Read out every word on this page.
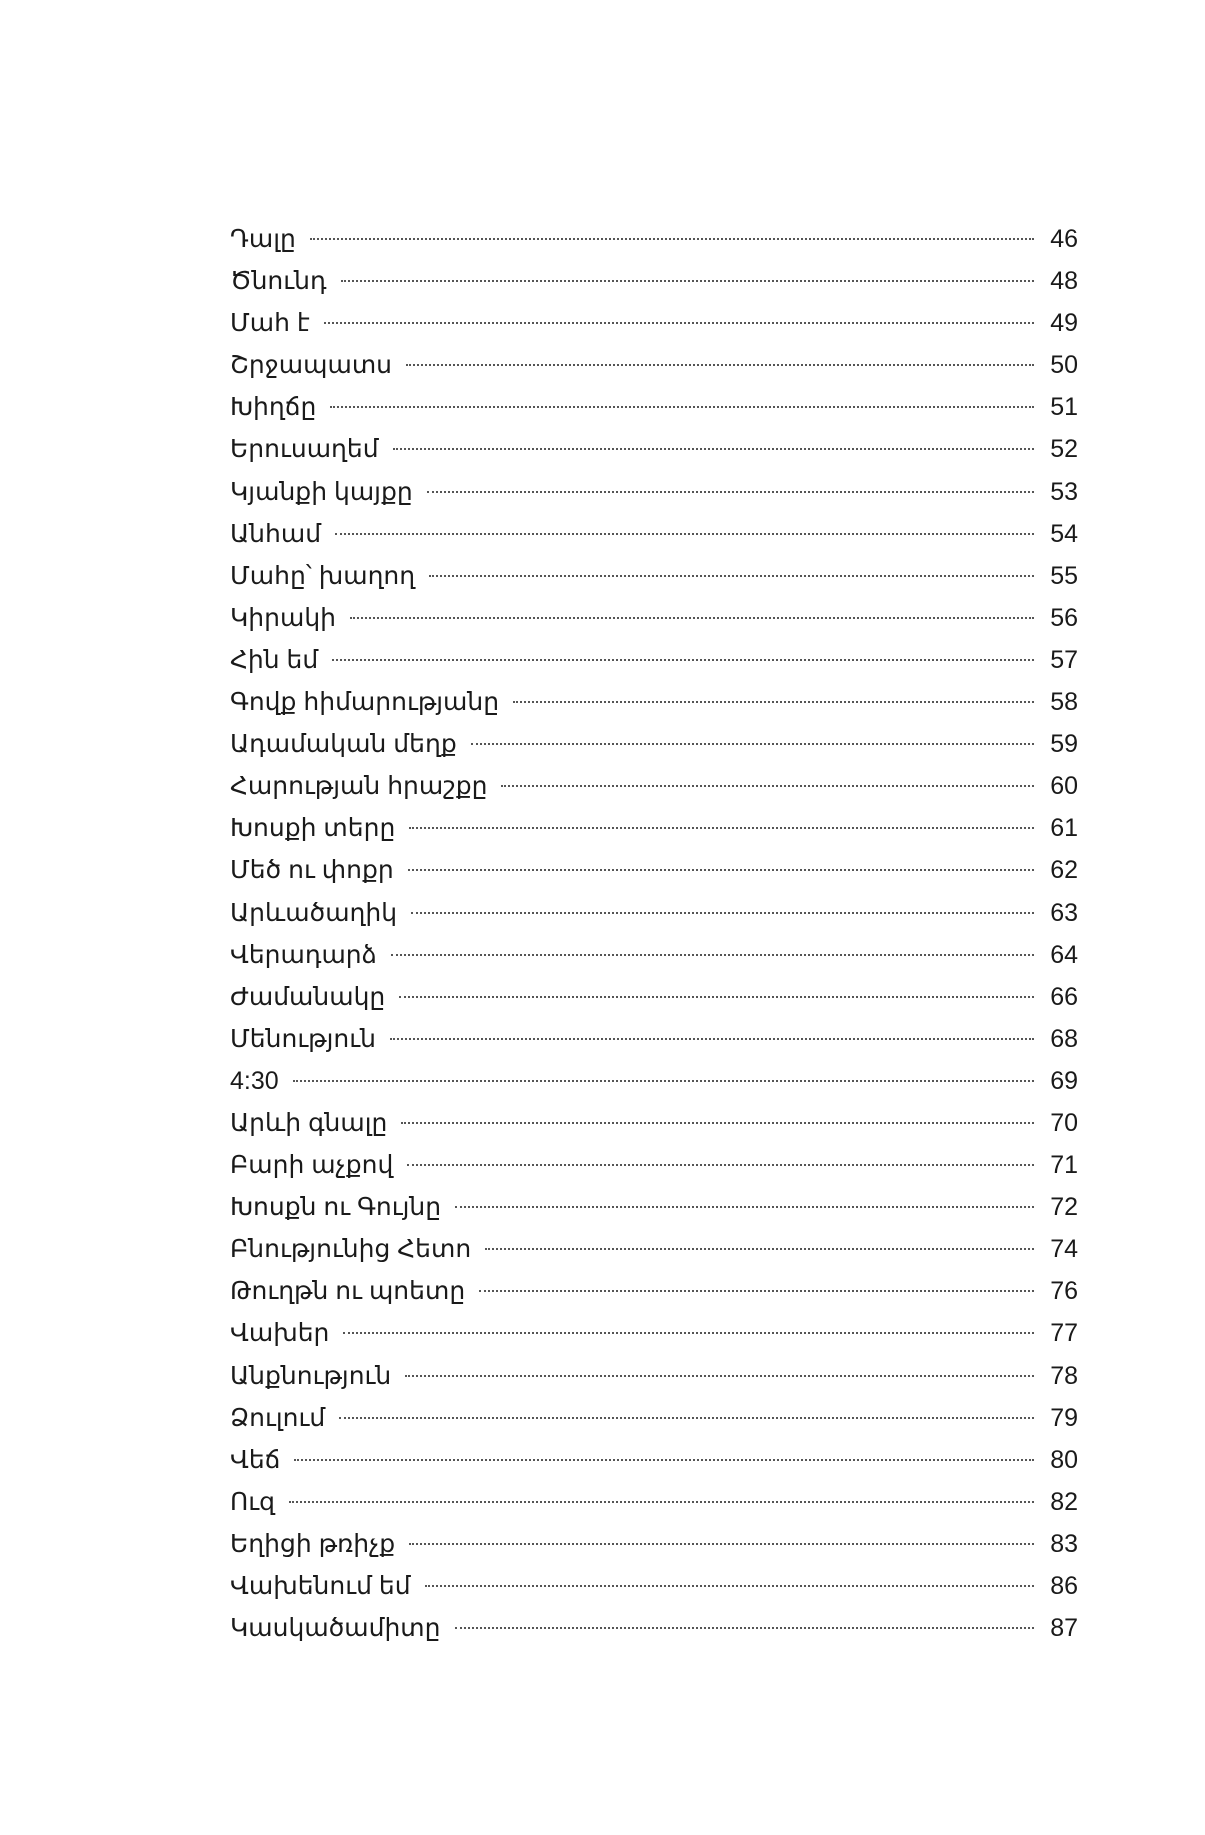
Դալը	46
Ծնունդ	48
Մահ է	49
Շրջապատս	50
Խիղճը	51
Երուսաղեմ	52
Կյանքի կայքը	53
Անհամ	54
Մահը՝ խաղող	55
Կիրակի	56
Հին եմ	57
Գովք հիմարությանը	58
Ադամական մեղք	59
Հարության հրաշքը	60
Խոսքի տերը	61
Մեծ ու փոքր	62
Արևածաղիկ	63
Վերադարձ	64
Ժամանակը	66
Մենություն	68
4:30	69
Արևի գնալը	70
Բարի աչքով	71
Խոսքն ու Գույնը	72
Բնությունից Հետո	74
Թուղթն ու պոետը	76
Վախեր	77
Անքնություն	78
Ձուլում	79
Վեճ	80
Ուզ	82
Եղիցի թռիչք	83
Վախենում եմ	86
Կասկածամիտը	87
